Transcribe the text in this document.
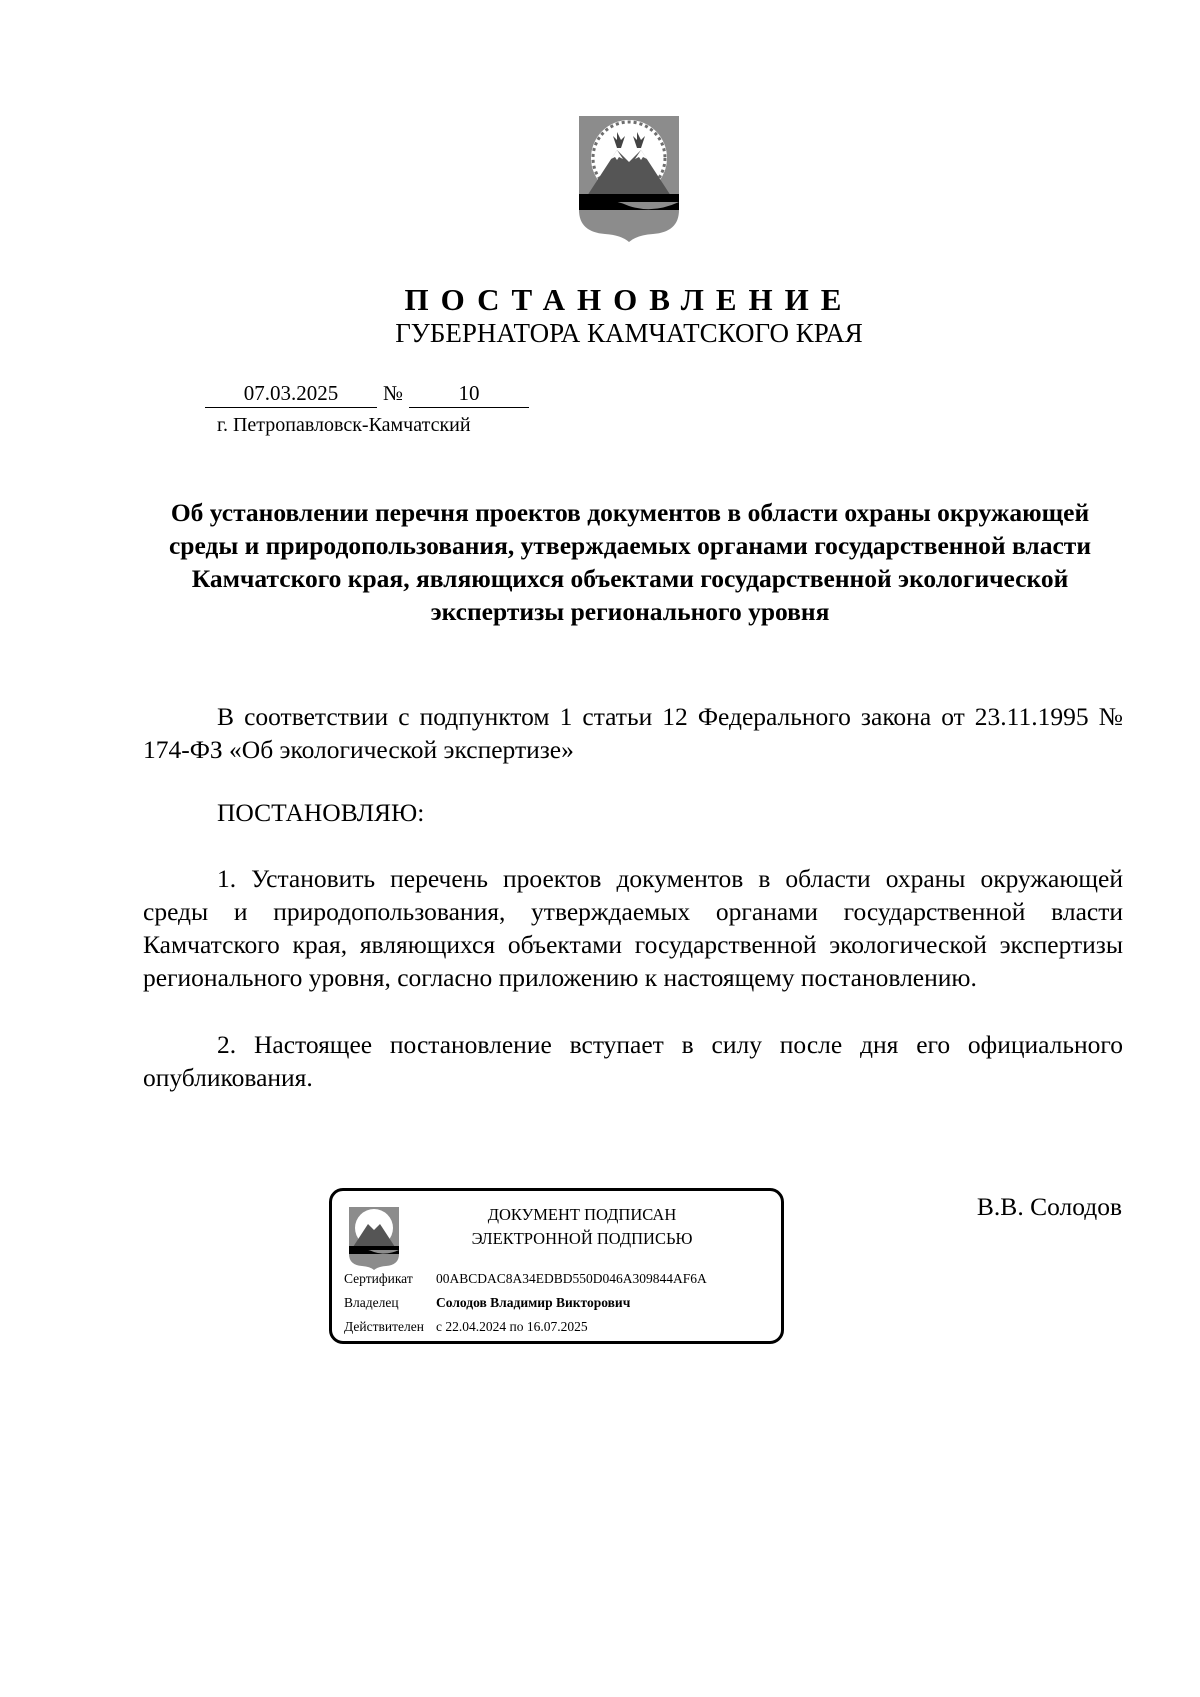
ПОСТАНОВЛЕНИЕ
ГУБЕРНАТОРА КАМЧАТСКОГО КРАЯ
07.03.2025	№	10
г. Петропавловск-Камчатский
Об установлении перечня проектов документов в области охраны окружающей среды и природопользования, утверждаемых органами государственной власти Камчатского края, являющихся объектами государственной экологической экспертизы регионального уровня
В соответствии с подпунктом 1 статьи 12 Федерального закона от 23.11.1995 № 174-ФЗ «Об экологической экспертизе»
ПОСТАНОВЛЯЮ:
1. Установить перечень проектов документов в области охраны окружающей среды и природопользования, утверждаемых органами государственной власти Камчатского края, являющихся объектами государственной экологической экспертизы регионального уровня, согласно приложению к настоящему постановлению.
2. Настоящее постановление вступает в силу после дня его официального опубликования.
ДОКУМЕНТ ПОДПИСАН
ЭЛЕКТРОННОЙ ПОДПИСЬЮ
Сертификат 00ABCDAC8A34EDBD550D046A309844AF6A
Владелец	Солодов Владимир Викторович
Действителен с 22.04.2024 по 16.07.2025
В.В. Солодов
